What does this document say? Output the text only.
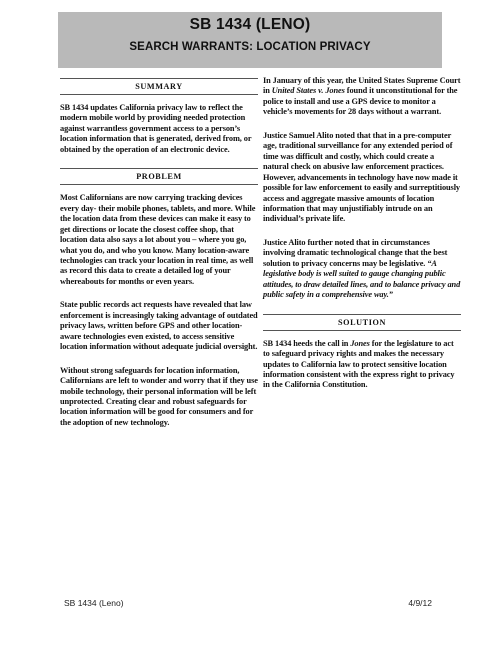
SB 1434 (LENO)
SEARCH WARRANTS: LOCATION PRIVACY
SUMMARY

SB 1434 updates California privacy law to reflect the modern mobile world by providing needed protection against warrantless government access to a person’s location information that is generated, derived from, or obtained by the operation of an electronic device.

PROBLEM

Most Californians are now carrying tracking devices every day- their mobile phones, tablets, and more. While the location data from these devices can make it easy to get directions or locate the closest coffee shop, that location data also says a lot about you – where you go, what you do, and who you know. Many location-aware technologies can track your location in real time, as well as record this data to create a detailed log of your whereabouts for months or even years.

State public records act requests have revealed that law enforcement is increasingly taking advantage of outdated privacy laws, written before GPS and other location-aware technologies even existed, to access sensitive location information without adequate judicial oversight.

Without strong safeguards for location information, Californians are left to wonder and worry that if they use mobile technology, their personal information will be left unprotected. Creating clear and robust safeguards for location information will be good for consumers and for the adoption of new technology.

In January of this year, the United States Supreme Court in United States v. Jones found it unconstitutional for the police to install and use a GPS device to monitor a vehicle’s movements for 28 days without a warrant.

Justice Samuel Alito noted that that in a pre-computer age, traditional surveillance for any extended period of time was difficult and costly, which could create a natural check on abusive law enforcement practices. However, advancements in technology have now made it possible for law enforcement to easily and surreptitiously access and aggregate massive amounts of location information that may unjustifiably intrude on an individual’s private life.

Justice Alito further noted that in circumstances involving dramatic technological change that the best solution to privacy concerns may be legislative. “A legislative body is well suited to gauge changing public attitudes, to draw detailed lines, and to balance privacy and public safety in a comprehensive way.”

SOLUTION

SB 1434 heeds the call in Jones for the legislature to act to safeguard privacy rights and makes the necessary updates to California law to protect sensitive location information consistent with the express right to privacy in the California Constitution.

SB 1434 (Leno)	4/9/12
